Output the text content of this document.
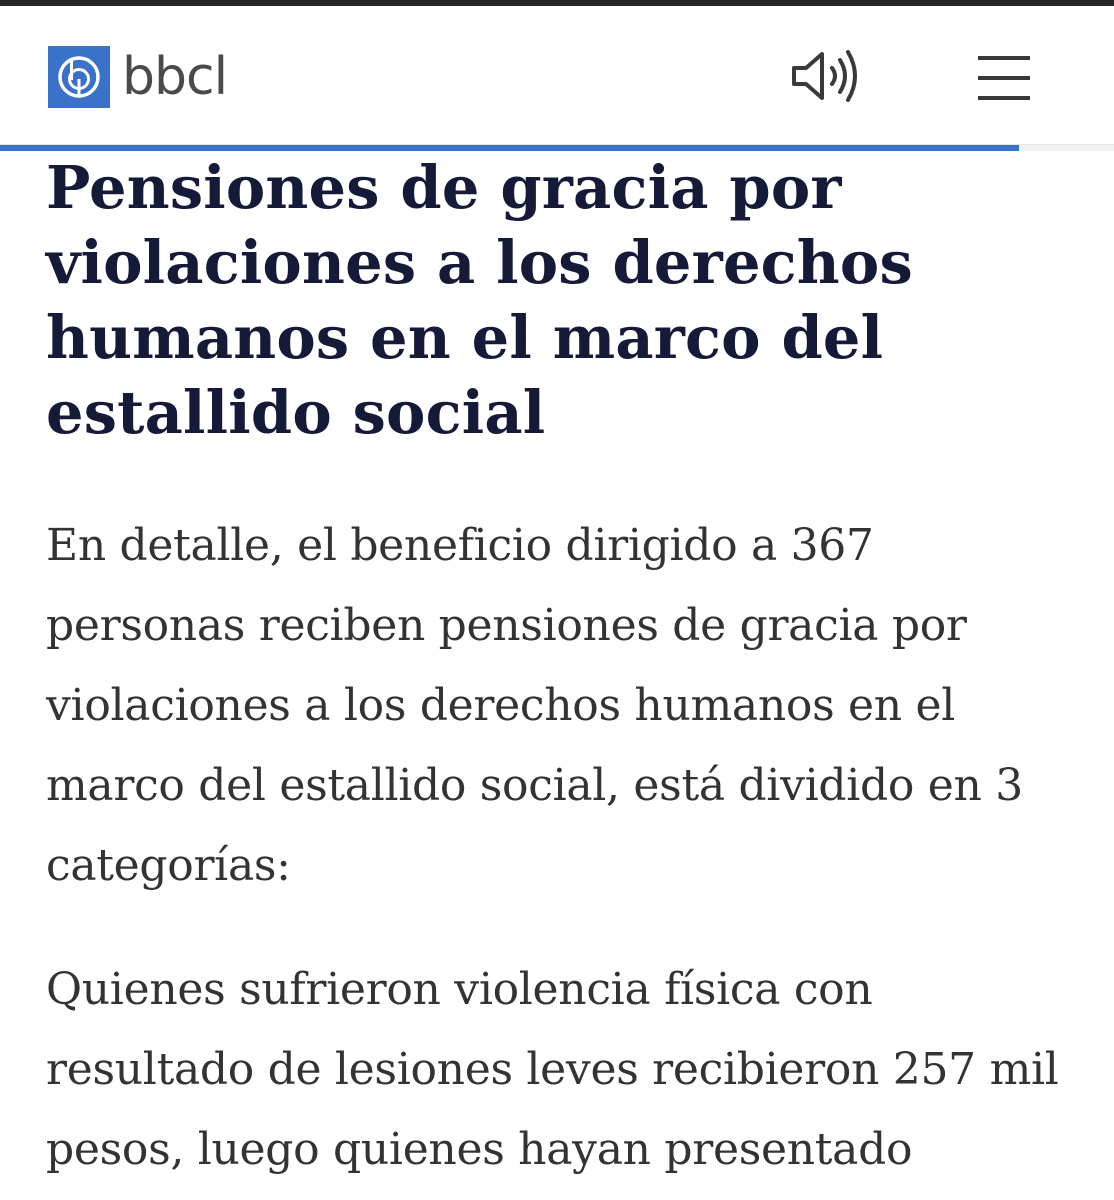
bbcl
Pensiones de gracia por violaciones a los derechos humanos en el marco del estallido social

En detalle, el beneficio dirigido a 367 personas reciben pensiones de gracia por violaciones a los derechos humanos en el marco del estallido social, está dividido en 3 categorías:

Quienes sufrieron violencia física con resultado de lesiones leves recibieron 257 mil pesos, luego quienes hayan presentado
